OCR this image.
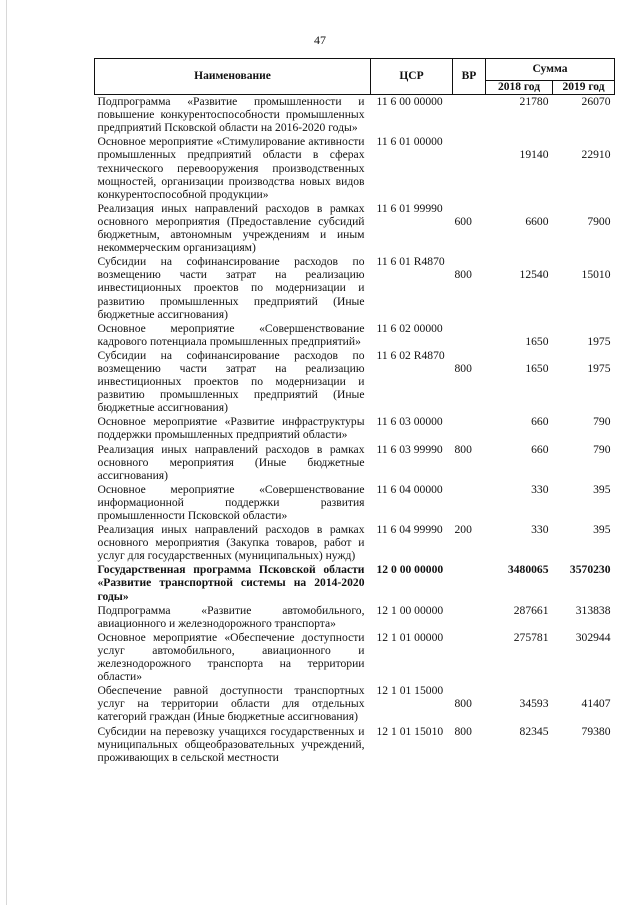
47
Наименование	ЦСР	ВР	Сумма	
			2018 год	2019 год
Подпрограмма «Развитие промышленности и повышение конкурентоспособности промышленных предприятий Псковской области на 2016-2020 годы»	11 6 00 00000		21780	26070
Основное мероприятие «Стимулирование активности промышленных предприятий области в сферах технического перевооружения производственных мощностей, организации производства новых видов конкурентоспособной продукции»	11 6 01 00000		19140	22910
Реализация иных направлений расходов в рамках основного мероприятия (Предоставление субсидий бюджетным, автономным учреждениям и иным некоммерческим организациям)	11 6 01 99990	600	6600	7900
Субсидии на софинансирование расходов по возмещению части затрат на реализацию инвестиционных проектов по модернизации и развитию промышленных предприятий (Иные бюджетные ассигнования)	11 6 01 R4870	800	12540	15010
Основное мероприятие «Совершенствование кадрового потенциала промышленных предприятий»	11 6 02 00000		1650	1975
Субсидии на софинансирование расходов по возмещению части затрат на реализацию инвестиционных проектов по модернизации и развитию промышленных предприятий (Иные бюджетные ассигнования)	11 6 02 R4870	800	1650	1975
Основное мероприятие «Развитие инфраструктуры поддержки промышленных предприятий области»	11 6 03 00000		660	790
Реализация иных направлений расходов в рамках основного мероприятия (Иные бюджетные ассигнования)	11 6 03 99990	800	660	790
Основное мероприятие «Совершенствование информационной поддержки развития промышленности Псковской области»	11 6 04 00000		330	395
Реализация иных направлений расходов в рамках основного мероприятия (Закупка товаров, работ и услуг для государственных (муниципальных) нужд)	11 6 04 99990	200	330	395
Государственная программа Псковской области «Развитие транспортной системы на 2014-2020 годы»	12 0 00 00000		3480065	3570230
Подпрограмма «Развитие автомобильного, авиационного и железнодорожного транспорта»	12 1 00 00000		287661	313838
Основное мероприятие «Обеспечение доступности услуг автомобильного, авиационного и железнодорожного транспорта на территории области»	12 1 01 00000		275781	302944
Обеспечение равной доступности транспортных услуг на территории области для отдельных категорий граждан (Иные бюджетные ассигнования)	12 1 01 15000	800	34593	41407
Субсидии на перевозку учащихся государственных и муниципальных общеобразовательных учреждений, проживающих в сельской местности	12 1 01 15010	800	82345	79380
